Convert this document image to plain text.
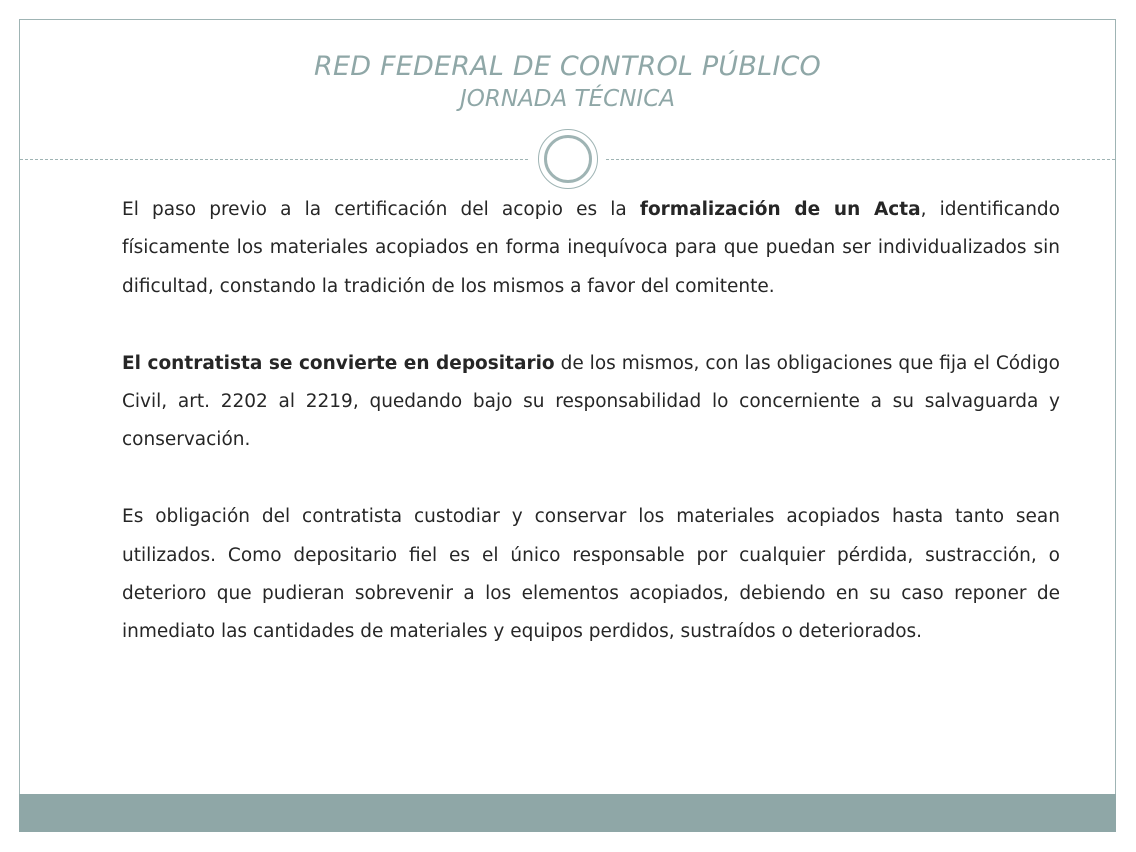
RED FEDERAL DE CONTROL PÚBLICO
JORNADA TÉCNICA

El paso previo a la certificación del acopio es la formalización de un Acta, identificando físicamente los materiales acopiados en forma inequívoca para que puedan ser individualizados sin dificultad, constando la tradición de los mismos a favor del comitente.

El contratista se convierte en depositario de los mismos, con las obligaciones que fija el Código Civil, art. 2202 al 2219, quedando bajo su responsabilidad lo concerniente a su salvaguarda y conservación.

Es obligación del contratista custodiar y conservar los materiales acopiados hasta tanto sean utilizados. Como depositario fiel es el único responsable por cualquier pérdida, sustracción, o deterioro que pudieran sobrevenir a los elementos acopiados, debiendo en su caso reponer de inmediato las cantidades de materiales y equipos perdidos, sustraídos o deteriorados.
